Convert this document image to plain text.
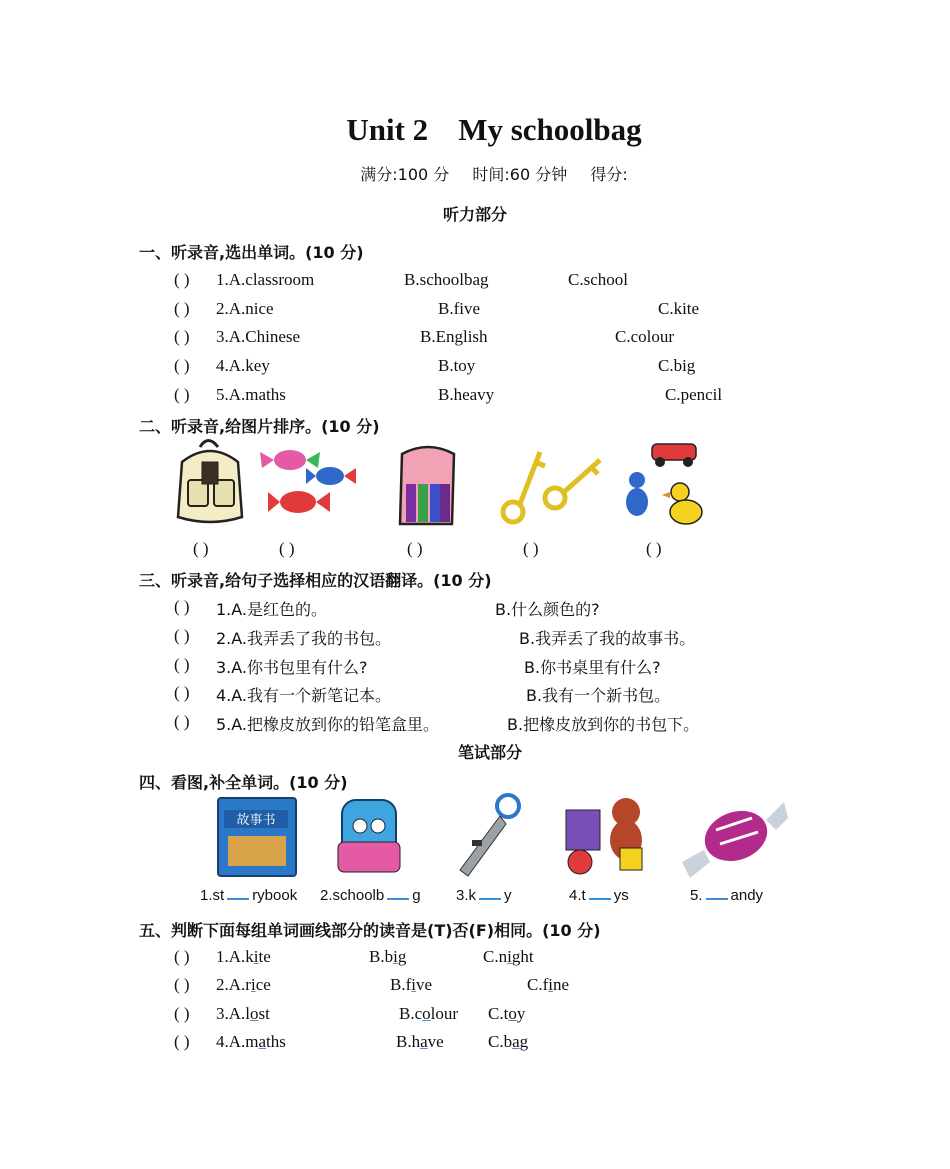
Unit 2 My schoolbag
满分:100 分 时间:60 分钟 得分:
听力部分
一、听录音,选出单词。(10 分)
( ) 1.A.classroom	B.schoolbag	C.school
( ) 2.A.nice	B.five	C.kite
( ) 3.A.Chinese	B.English	C.colour
( ) 4.A.key	B.toy	C.big
( ) 5.A.maths	B.heavy	C.pencil
二、听录音,给图片排序。(10 分)
( )	( )	( )	( )	( )
三、听录音,给句子选择相应的汉语翻译。(10 分)
( ) 1.A.是红色的。	B.什么颜色的?
( ) 2.A.我弄丢了我的书包。	B.我弄丢了我的故事书。
( ) 3.A.你书包里有什么?	B.你书桌里有什么?
( ) 4.A.我有一个新笔记本。	B.我有一个新书包。
( ) 5.A.把橡皮放到你的铅笔盒里。	B.把橡皮放到你的书包下。
笔试部分
四、看图,补全单词。(10 分)
故事书
1.st rybook 2.schoolb g 3.k y	4.t ys	5. andy
五、判断下面每组单词画线部分的读音是(T)否(F)相同。(10 分)
( ) 1.A.kite	B.big	C.night
( ) 2.A.rice	B.five	C.fine
( ) 3.A.lost	B.colour C.toy
( ) 4.A.maths	B.have	C.bag
